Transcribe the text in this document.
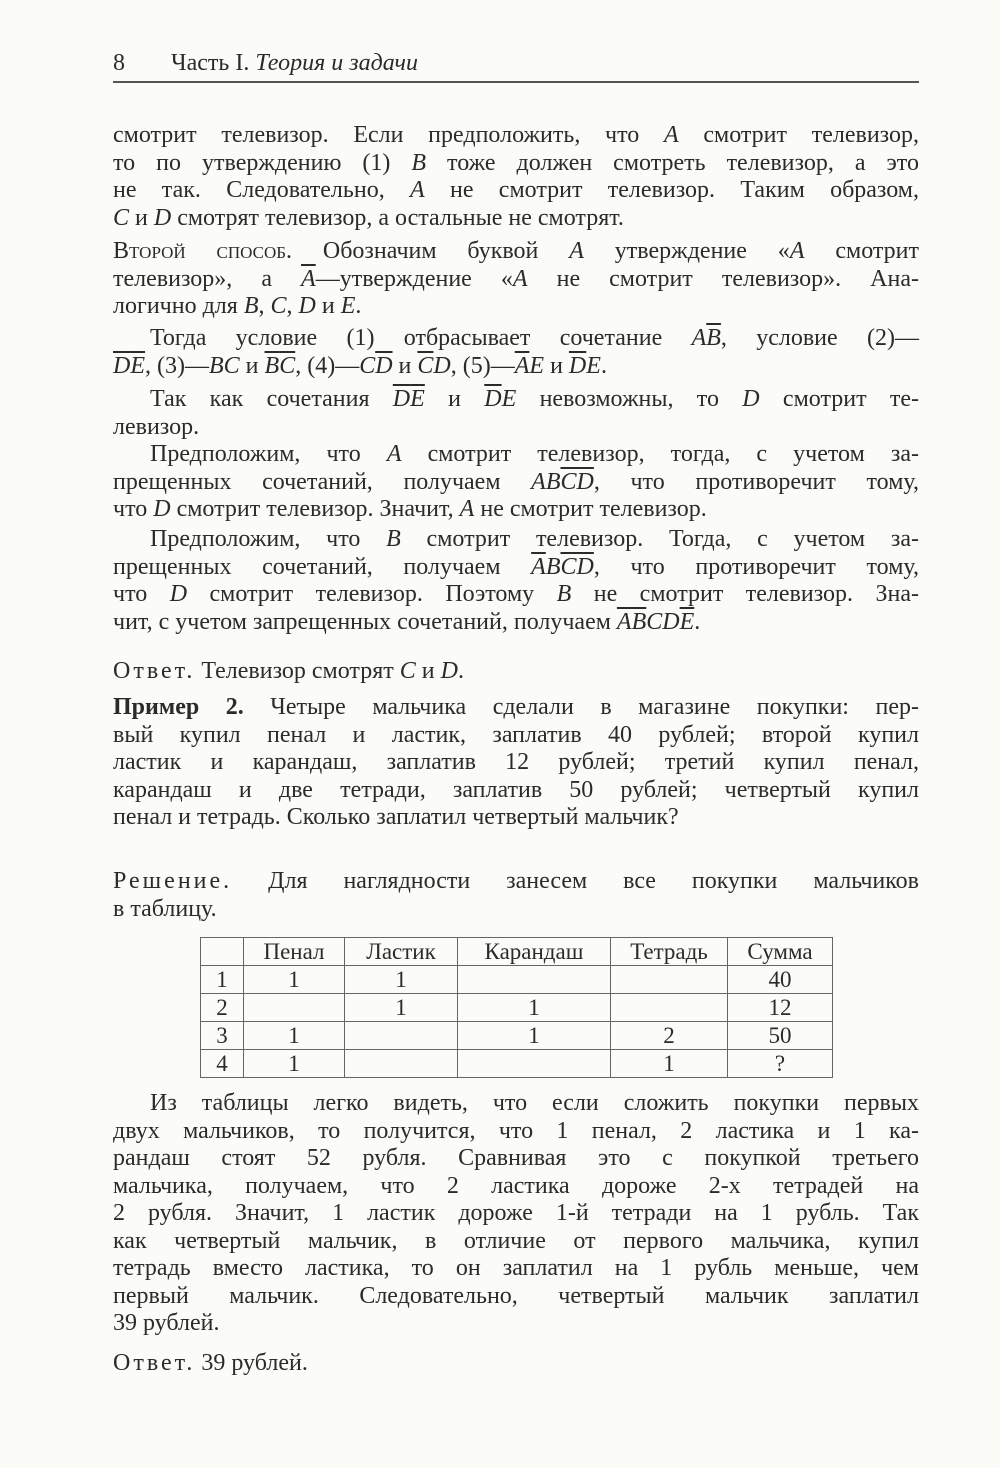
8 Часть I. Теория и задачи
смотрит телевизор. Если предположить, что A смотрит телевизор,
то по утверждению (1) B тоже должен смотреть телевизор, а это
не так. Следовательно, A не смотрит телевизор. Таким образом,
C и D смотрят телевизор, а остальные не смотрят.
Второй способ. Обозначим буквой A утверждение «A смотрит
телевизор», а $\overline{A}—утверждение$ «A не смотрит телевизор». Ана-
логично для B, C, D и E.
Тогда условие (1) отбрасывает сочетание $A\overline{B}$, условие (2)—
$\overline{D}\overline{E}$, (3)—BC и $\overline{B}\overline{C}$, $(4)—C\overline{D}$ и $\overline{C}D$, $(5)—\overline{A}E$ и $\overline{D}E$.
Так как сочетания $\overline{D}\overline{E}$ и $\overline{D}E$ невозможны, то D смотрит те-
левизор.
Предположим, что A смотрит телевизор, тогда, с учетом за-
прещенных сочетаний, получаем $AB\overline{C}\overline{D}$, что противоречит тому,
что D смотрит телевизор. Значит, A не смотрит телевизор.
Предположим, что B смотрит телевизор. Тогда, с учетом за-
прещенных сочетаний, получаем $\overline{A}B\overline{C}\overline{D}$, что противоречит тому,
что D смотрит телевизор. Поэтому B не смотрит телевизор. Зна-
чит, с учетом запрещенных сочетаний, получаем $\overline{A}\overline{B}CD\overline{E}$.
Ответ. Телевизор смотрят C и D.
Пример 2. Четыре мальчика сделали в магазине покупки: пер-
вый купил пенал и ластик, заплатив 40 рублей; второй купил
ластик и карандаш, заплатив 12 рублей; третий купил пенал,
карандаш и две тетради, заплатив 50 рублей; четвертый купил
пенал и тетрадь. Сколько заплатил четвертый мальчик?
Решение. Для наглядности занесем все покупки мальчиков
в таблицу.
Из таблицы легко видеть, что если сложить покупки первых
двух мальчиков, то получится, что 1 пенал, 2 ластика и 1 ка-
рандаш стоят 52 рубля. Сравнивая это с покупкой третьего
мальчика, получаем, что 2 ластика дороже 2-х тетрадей на
2 рубля. Значит, 1 ластик дороже 1-й тетради на 1 рубль. Так
как четвертый мальчик, в отличие от первого мальчика, купил
тетрадь вместо ластика, то он заплатил на 1 рубль меньше, чем
первый мальчик. Следовательно, четвертый мальчик заплатил
39 рублей.
Ответ. 39 рублей.
	Пенал	Ластик	Карандаш	Тетрадь	Сумма
1	1	1			40
2		1	1		12
3	1		1	2	50
4	1			1	?
